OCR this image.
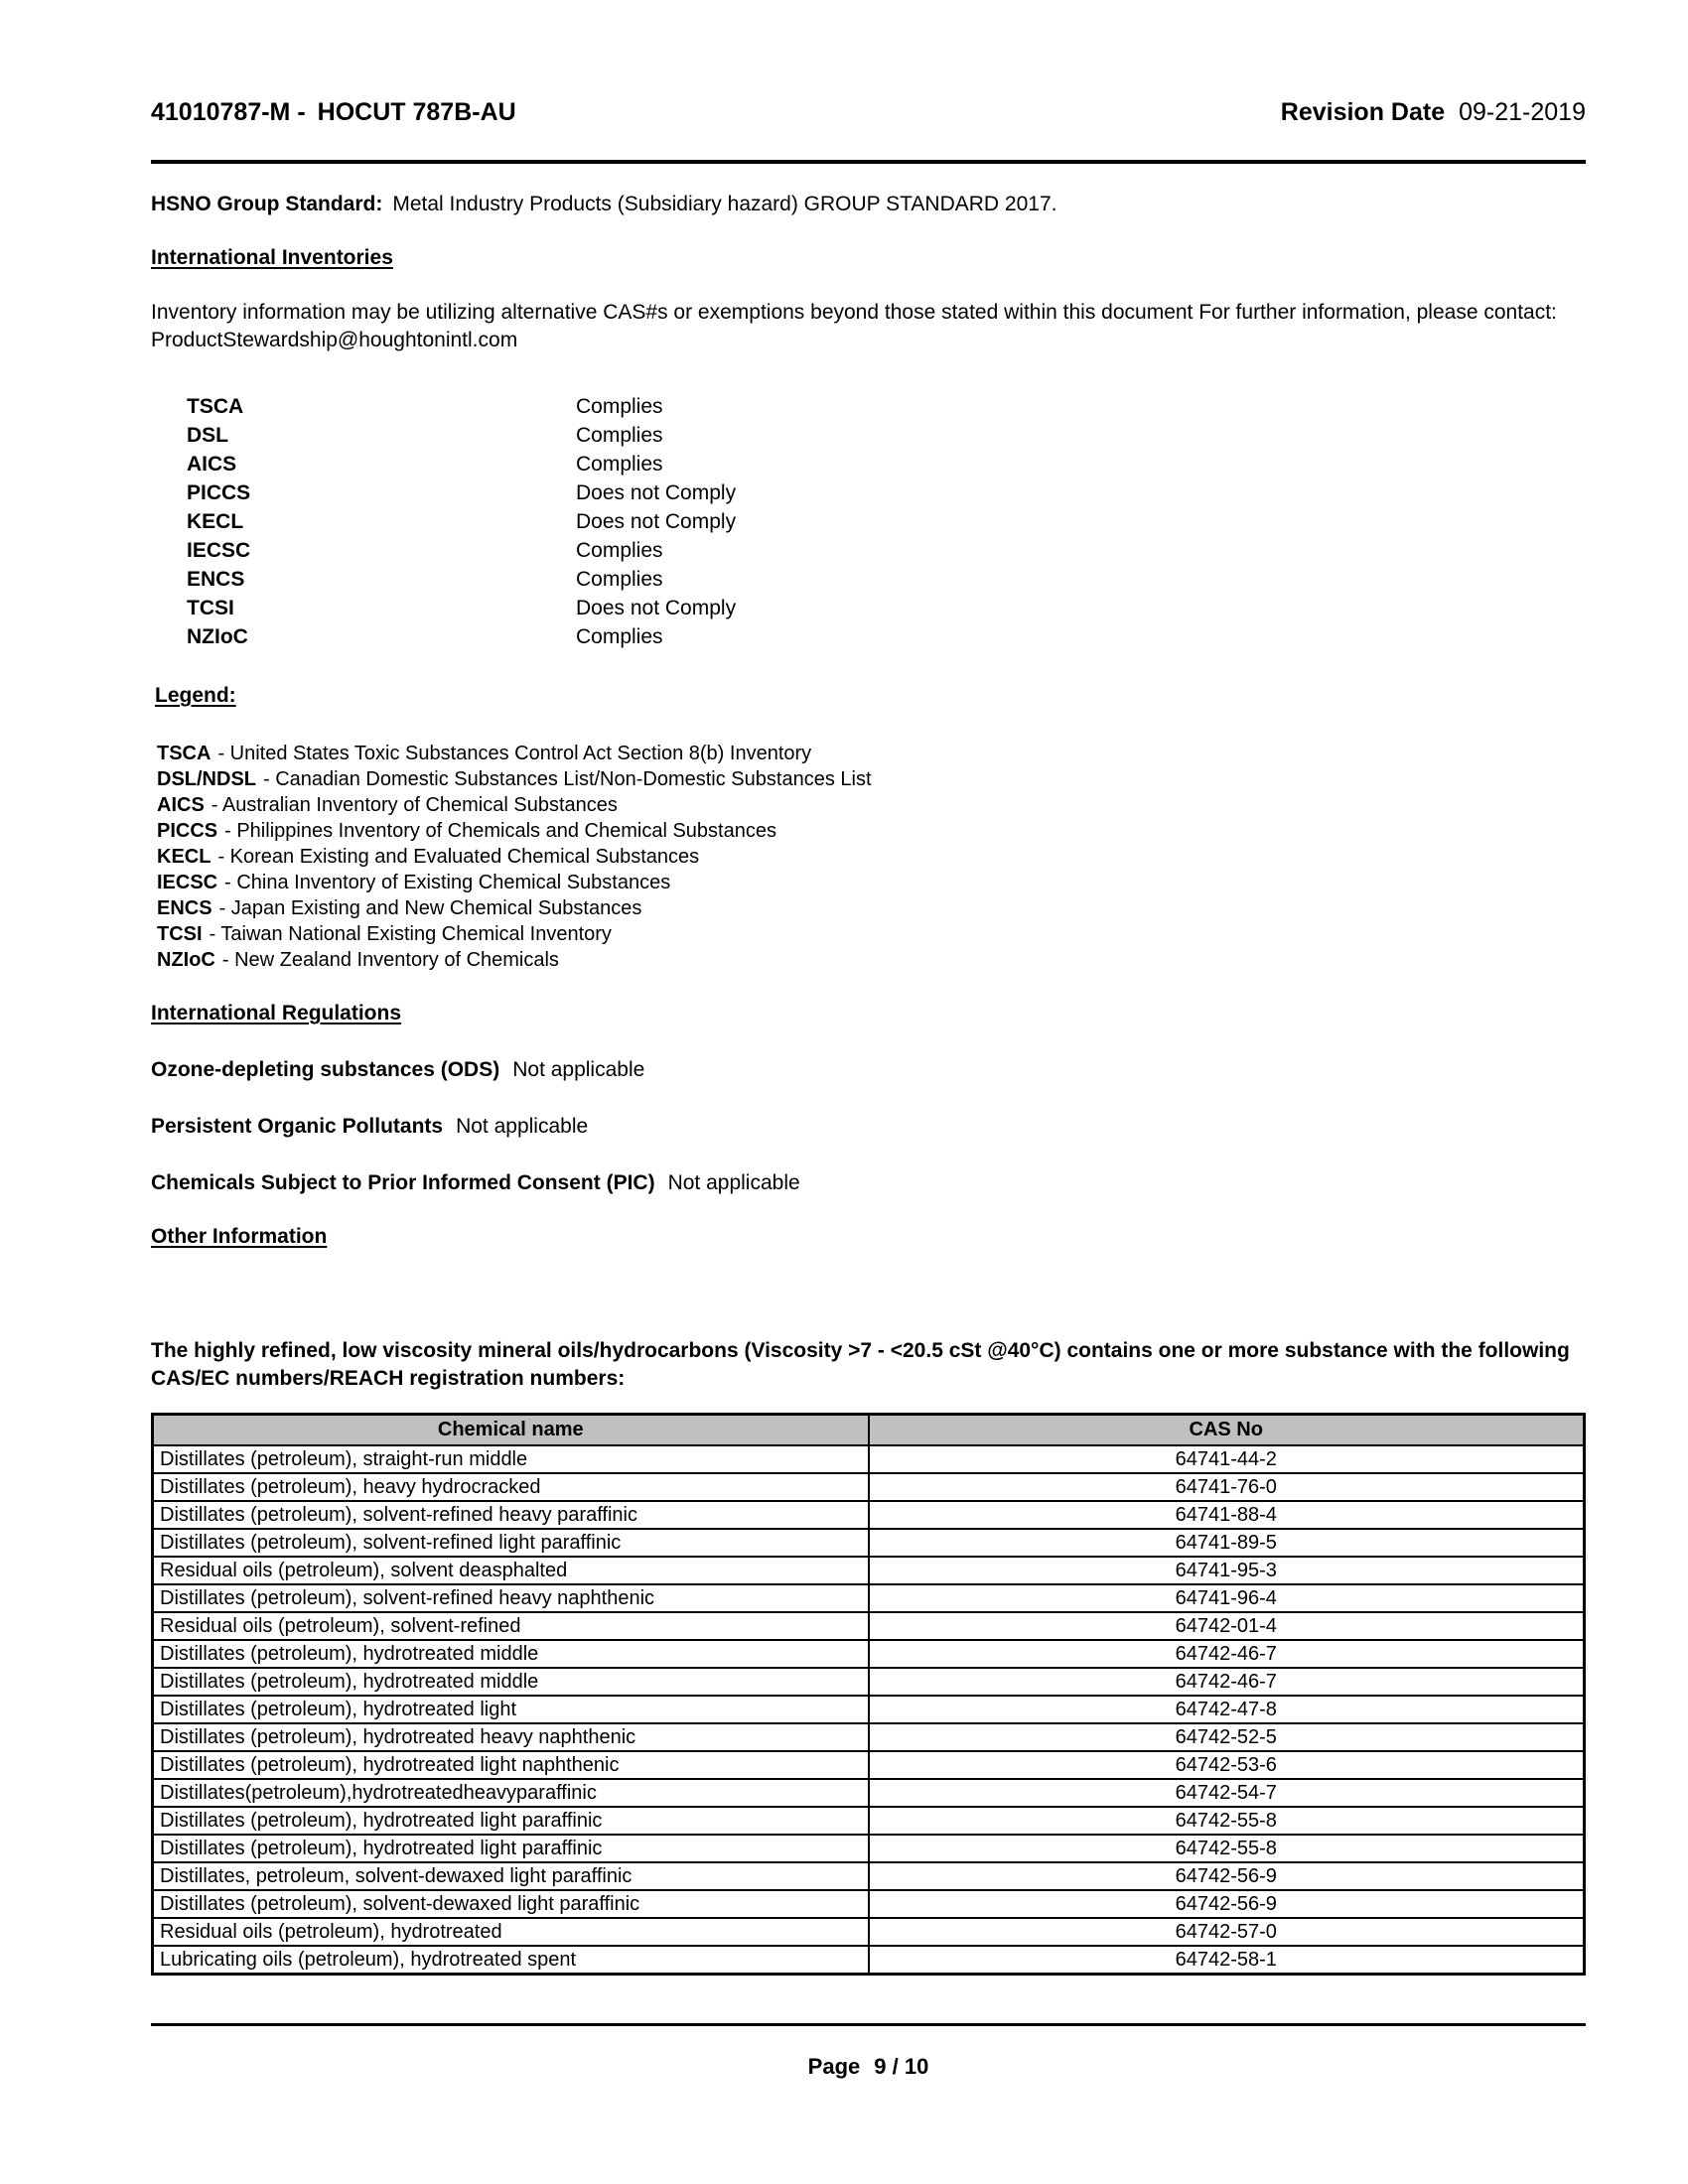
41010787-M - HOCUT 787B-AU	Revision Date 09-21-2019
HSNO Group Standard: Metal Industry Products (Subsidiary hazard) GROUP STANDARD 2017.
International Inventories
Inventory information may be utilizing alternative CAS#s or exemptions beyond those stated within this document For further information, please contact: ProductStewardship@houghtonintl.com
TSCA	Complies
DSL	Complies
AICS	Complies
PICCS	Does not Comply
KECL	Does not Comply
IECSC	Complies
ENCS	Complies
TCSI	Does not Comply
NZIoC	Complies
Legend:
TSCA - United States Toxic Substances Control Act Section 8(b) Inventory
DSL/NDSL - Canadian Domestic Substances List/Non-Domestic Substances List
AICS - Australian Inventory of Chemical Substances
PICCS - Philippines Inventory of Chemicals and Chemical Substances
KECL - Korean Existing and Evaluated Chemical Substances
IECSC - China Inventory of Existing Chemical Substances
ENCS - Japan Existing and New Chemical Substances
TCSI - Taiwan National Existing Chemical Inventory
NZIoC - New Zealand Inventory of Chemicals
International Regulations
Ozone-depleting substances (ODS) Not applicable
Persistent Organic Pollutants Not applicable
Chemicals Subject to Prior Informed Consent (PIC) Not applicable
Other Information
The highly refined, low viscosity mineral oils/hydrocarbons (Viscosity >7 - <20.5 cSt @40°C) contains one or more substance with the following CAS/EC numbers/REACH registration numbers:
Chemical name	CAS No
Distillates (petroleum), straight-run middle	64741-44-2
Distillates (petroleum), heavy hydrocracked	64741-76-0
Distillates (petroleum), solvent-refined heavy paraffinic	64741-88-4
Distillates (petroleum), solvent-refined light paraffinic	64741-89-5
Residual oils (petroleum), solvent deasphalted	64741-95-3
Distillates (petroleum), solvent-refined heavy naphthenic	64741-96-4
Residual oils (petroleum), solvent-refined	64742-01-4
Distillates (petroleum), hydrotreated middle	64742-46-7
Distillates (petroleum), hydrotreated middle	64742-46-7
Distillates (petroleum), hydrotreated light	64742-47-8
Distillates (petroleum), hydrotreated heavy naphthenic	64742-52-5
Distillates (petroleum), hydrotreated light naphthenic	64742-53-6
Distillates(petroleum),hydrotreatedheavyparaffinic	64742-54-7
Distillates (petroleum), hydrotreated light paraffinic	64742-55-8
Distillates (petroleum), hydrotreated light paraffinic	64742-55-8
Distillates, petroleum, solvent-dewaxed light paraffinic	64742-56-9
Distillates (petroleum), solvent-dewaxed light paraffinic	64742-56-9
Residual oils (petroleum), hydrotreated	64742-57-0
Lubricating oils (petroleum), hydrotreated spent	64742-58-1
Page 9 / 10
